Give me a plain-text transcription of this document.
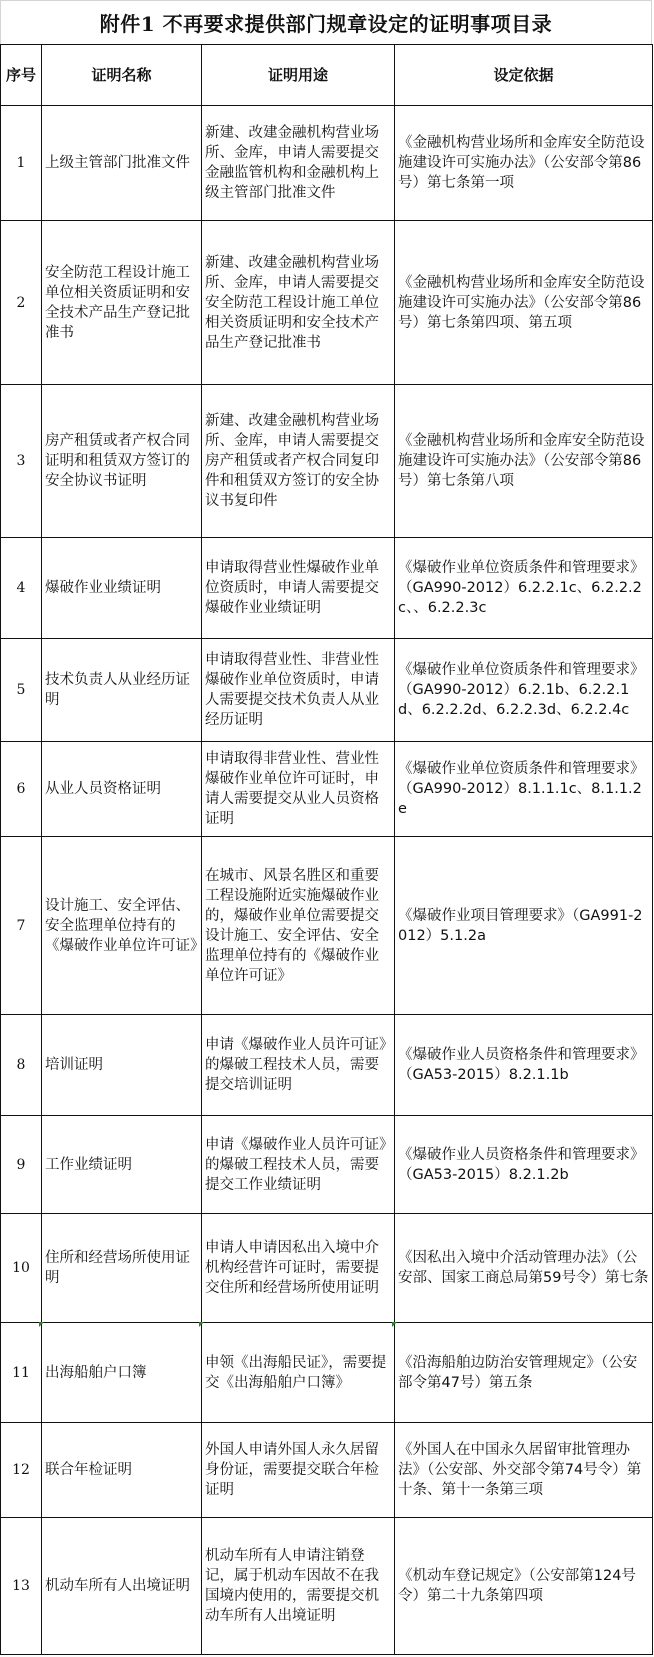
附件1 不再要求提供部门规章设定的证明事项目录
序号	证明名称	证明用途	设定依据
1	上级主管部门批准文件	新建、改建金融机构营业场所、金库，申请人需要提交金融监管机构和金融机构上级主管部门批准文件	《金融机构营业场所和金库安全防范设施建设许可实施办法》（公安部令第86号）第七条第一项
2	安全防范工程设计施工单位相关资质证明和安全技术产品生产登记批准书	新建、改建金融机构营业场所、金库，申请人需要提交安全防范工程设计施工单位相关资质证明和安全技术产品生产登记批准书	《金融机构营业场所和金库安全防范设施建设许可实施办法》（公安部令第86号）第七条第四项、第五项
3	房产租赁或者产权合同证明和租赁双方签订的安全协议书证明	新建、改建金融机构营业场所、金库，申请人需要提交房产租赁或者产权合同复印件和租赁双方签订的安全协议书复印件	《金融机构营业场所和金库安全防范设施建设许可实施办法》（公安部令第86号）第七条第八项
4	爆破作业业绩证明	申请取得营业性爆破作业单位资质时，申请人需要提交爆破作业业绩证明	《爆破作业单位资质条件和管理要求》（GA990-2012）6.2.2.1c、6.2.2.2c、、6.2.2.3c
5	技术负责人从业经历证明	申请取得营业性、非营业性爆破作业单位资质时，申请人需要提交技术负责人从业经历证明	《爆破作业单位资质条件和管理要求》（GA990-2012）6.2.1b、6.2.2.1d、6.2.2.2d、6.2.2.3d、6.2.2.4c
6	从业人员资格证明	申请取得非营业性、营业性爆破作业单位许可证时，申请人需要提交从业人员资格证明	《爆破作业单位资质条件和管理要求》（GA990-2012）8.1.1.1c、8.1.1.2e
7	设计施工、安全评估、安全监理单位持有的《爆破作业单位许可证》	在城市、风景名胜区和重要工程设施附近实施爆破作业的，爆破作业单位需要提交设计施工、安全评估、安全监理单位持有的《爆破作业单位许可证》	《爆破作业项目管理要求》（GA991-2012）5.1.2a
8	培训证明	申请《爆破作业人员许可证》的爆破工程技术人员，需要提交培训证明	《爆破作业人员资格条件和管理要求》（GA53-2015）8.2.1.1b
9	工作业绩证明	申请《爆破作业人员许可证》的爆破工程技术人员，需要提交工作业绩证明	《爆破作业人员资格条件和管理要求》（GA53-2015）8.2.1.2b
10	住所和经营场所使用证明	申请人申请因私出入境中介机构经营许可证时，需要提交住所和经营场所使用证明	《因私出入境中介活动管理办法》（公安部、国家工商总局第59号令）第七条
11	出海船舶户口簿	申领《出海船民证》，需要提交《出海船舶户口簿》	《沿海船舶边防治安管理规定》（公安部令第47号）第五条
12	联合年检证明	外国人申请外国人永久居留身份证，需要提交联合年检证明	《外国人在中国永久居留审批管理办法》（公安部、外交部令第74号令）第十条、第十一条第三项
13	机动车所有人出境证明	机动车所有人申请注销登记，属于机动车因故不在我国境内使用的，需要提交机动车所有人出境证明	《机动车登记规定》（公安部第124号令）第二十九条第四项
